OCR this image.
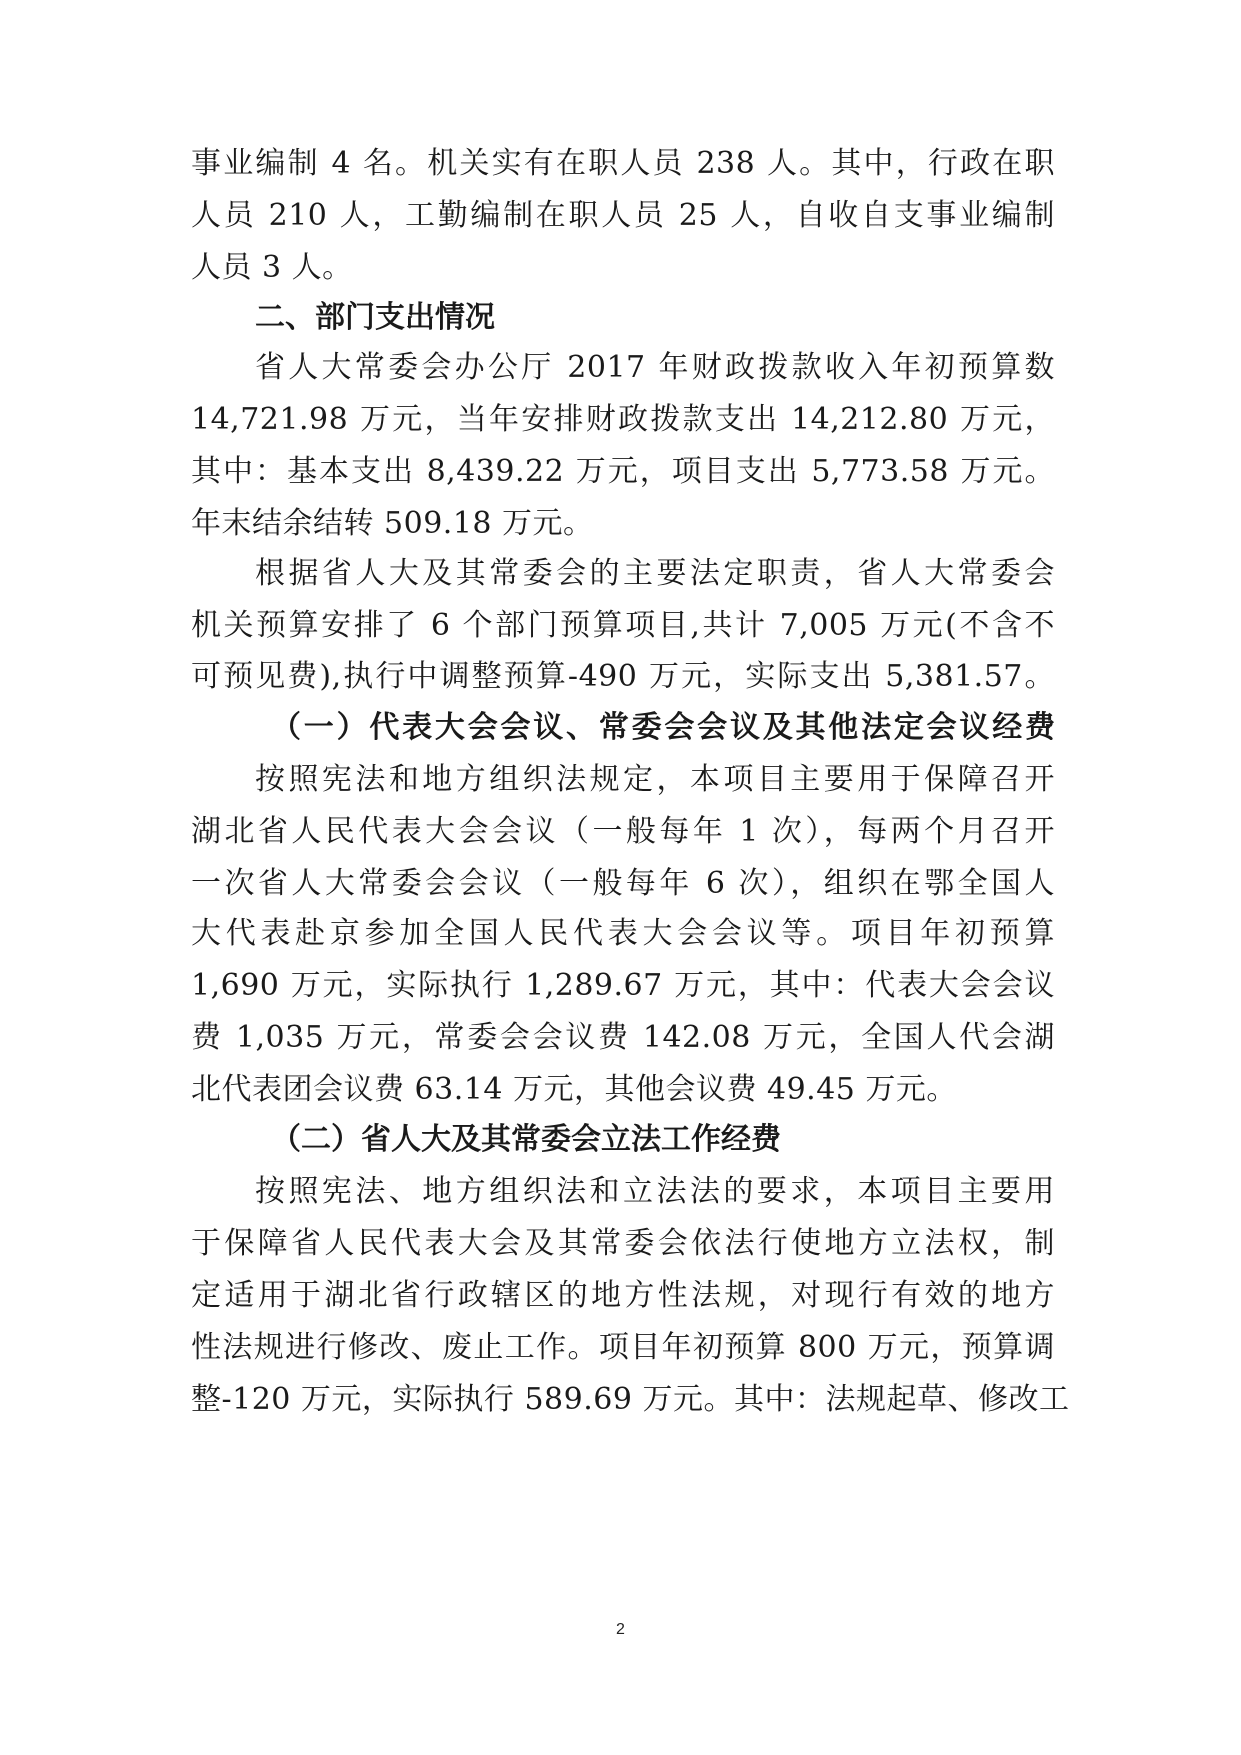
事业编制 4 名。机关实有在职人员 238 人。其中，行政在职
人员 210 人，工勤编制在职人员 25 人，自收自支事业编制
人员 3 人。
二、部门支出情况
省人大常委会办公厅 2017 年财政拨款收入年初预算数
14,721.98 万元，当年安排财政拨款支出 14,212.80 万元，
其中：基本支出 8,439.22 万元，项目支出 5,773.58 万元。
年末结余结转 509.18 万元。
根据省人大及其常委会的主要法定职责，省人大常委会
机关预算安排了 6 个部门预算项目,共计 7,005 万元(不含不
可预见费),执行中调整预算-490 万元，实际支出 5,381.57。
（一）代表大会会议、常委会会议及其他法定会议经费
按照宪法和地方组织法规定，本项目主要用于保障召开
湖北省人民代表大会会议（一般每年 1 次），每两个月召开
一次省人大常委会会议（一般每年 6 次），组织在鄂全国人
大代表赴京参加全国人民代表大会会议等。项目年初预算
1,690 万元，实际执行 1,289.67 万元，其中：代表大会会议
费 1,035 万元，常委会会议费 142.08 万元，全国人代会湖
北代表团会议费 63.14 万元，其他会议费 49.45 万元。
（二）省人大及其常委会立法工作经费
按照宪法、地方组织法和立法法的要求，本项目主要用
于保障省人民代表大会及其常委会依法行使地方立法权，制
定适用于湖北省行政辖区的地方性法规，对现行有效的地方
性法规进行修改、废止工作。项目年初预算 800 万元，预算调
整-120 万元，实际执行 589.69 万元。其中：法规起草、修改工
2
